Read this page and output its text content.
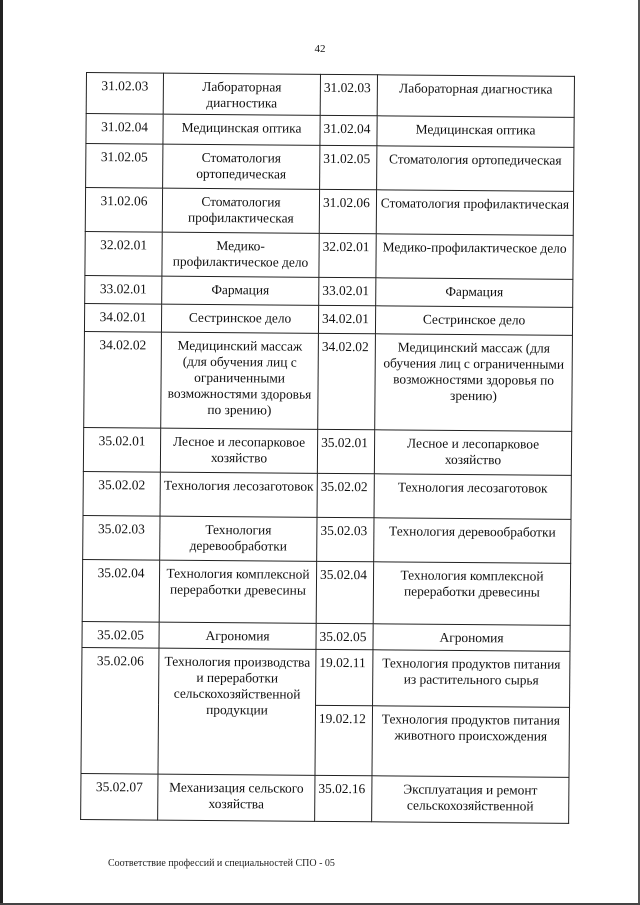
42
31.02.03	Лабораторная диагностика	31.02.03	Лабораторная диагностика
31.02.04	Медицинская оптика	31.02.04	Медицинская оптика
31.02.05	Стоматология ортопедическая	31.02.05	Стоматология ортопедическая
31.02.06	Стоматология профилактическая	31.02.06	Стоматология профилактическая
32.02.01	Медико-профилактическое дело	32.02.01	Медико-профилактическое дело
33.02.01	Фармация	33.02.01	Фармация
34.02.01	Сестринское дело	34.02.01	Сестринское дело
34.02.02	Медицинский массаж (для обучения лиц с ограниченными возможностями здоровья по зрению)	34.02.02	Медицинский массаж (для обучения лиц с ограниченными возможностями здоровья по зрению)
35.02.01	Лесное и лесопарковое хозяйство	35.02.01	Лесное и лесопарковое хозяйство
35.02.02	Технология лесозаготовок	35.02.02	Технология лесозаготовок
35.02.03	Технология деревообработки	35.02.03	Технология деревообработки
35.02.04	Технология комплексной переработки древесины	35.02.04	Технология комплексной переработки древесины
35.02.05	Агрономия	35.02.05	Агрономия
35.02.06	Технология производства и переработки сельскохозяйственной продукции	19.02.11	Технология продуктов питания из растительного сырья
		19.02.12	Технология продуктов питания животного происхождения
35.02.07	Механизация сельского хозяйства	35.02.16	Эксплуатация и ремонт сельскохозяйственной
Соответствие профессий и специальностей СПО - 05
